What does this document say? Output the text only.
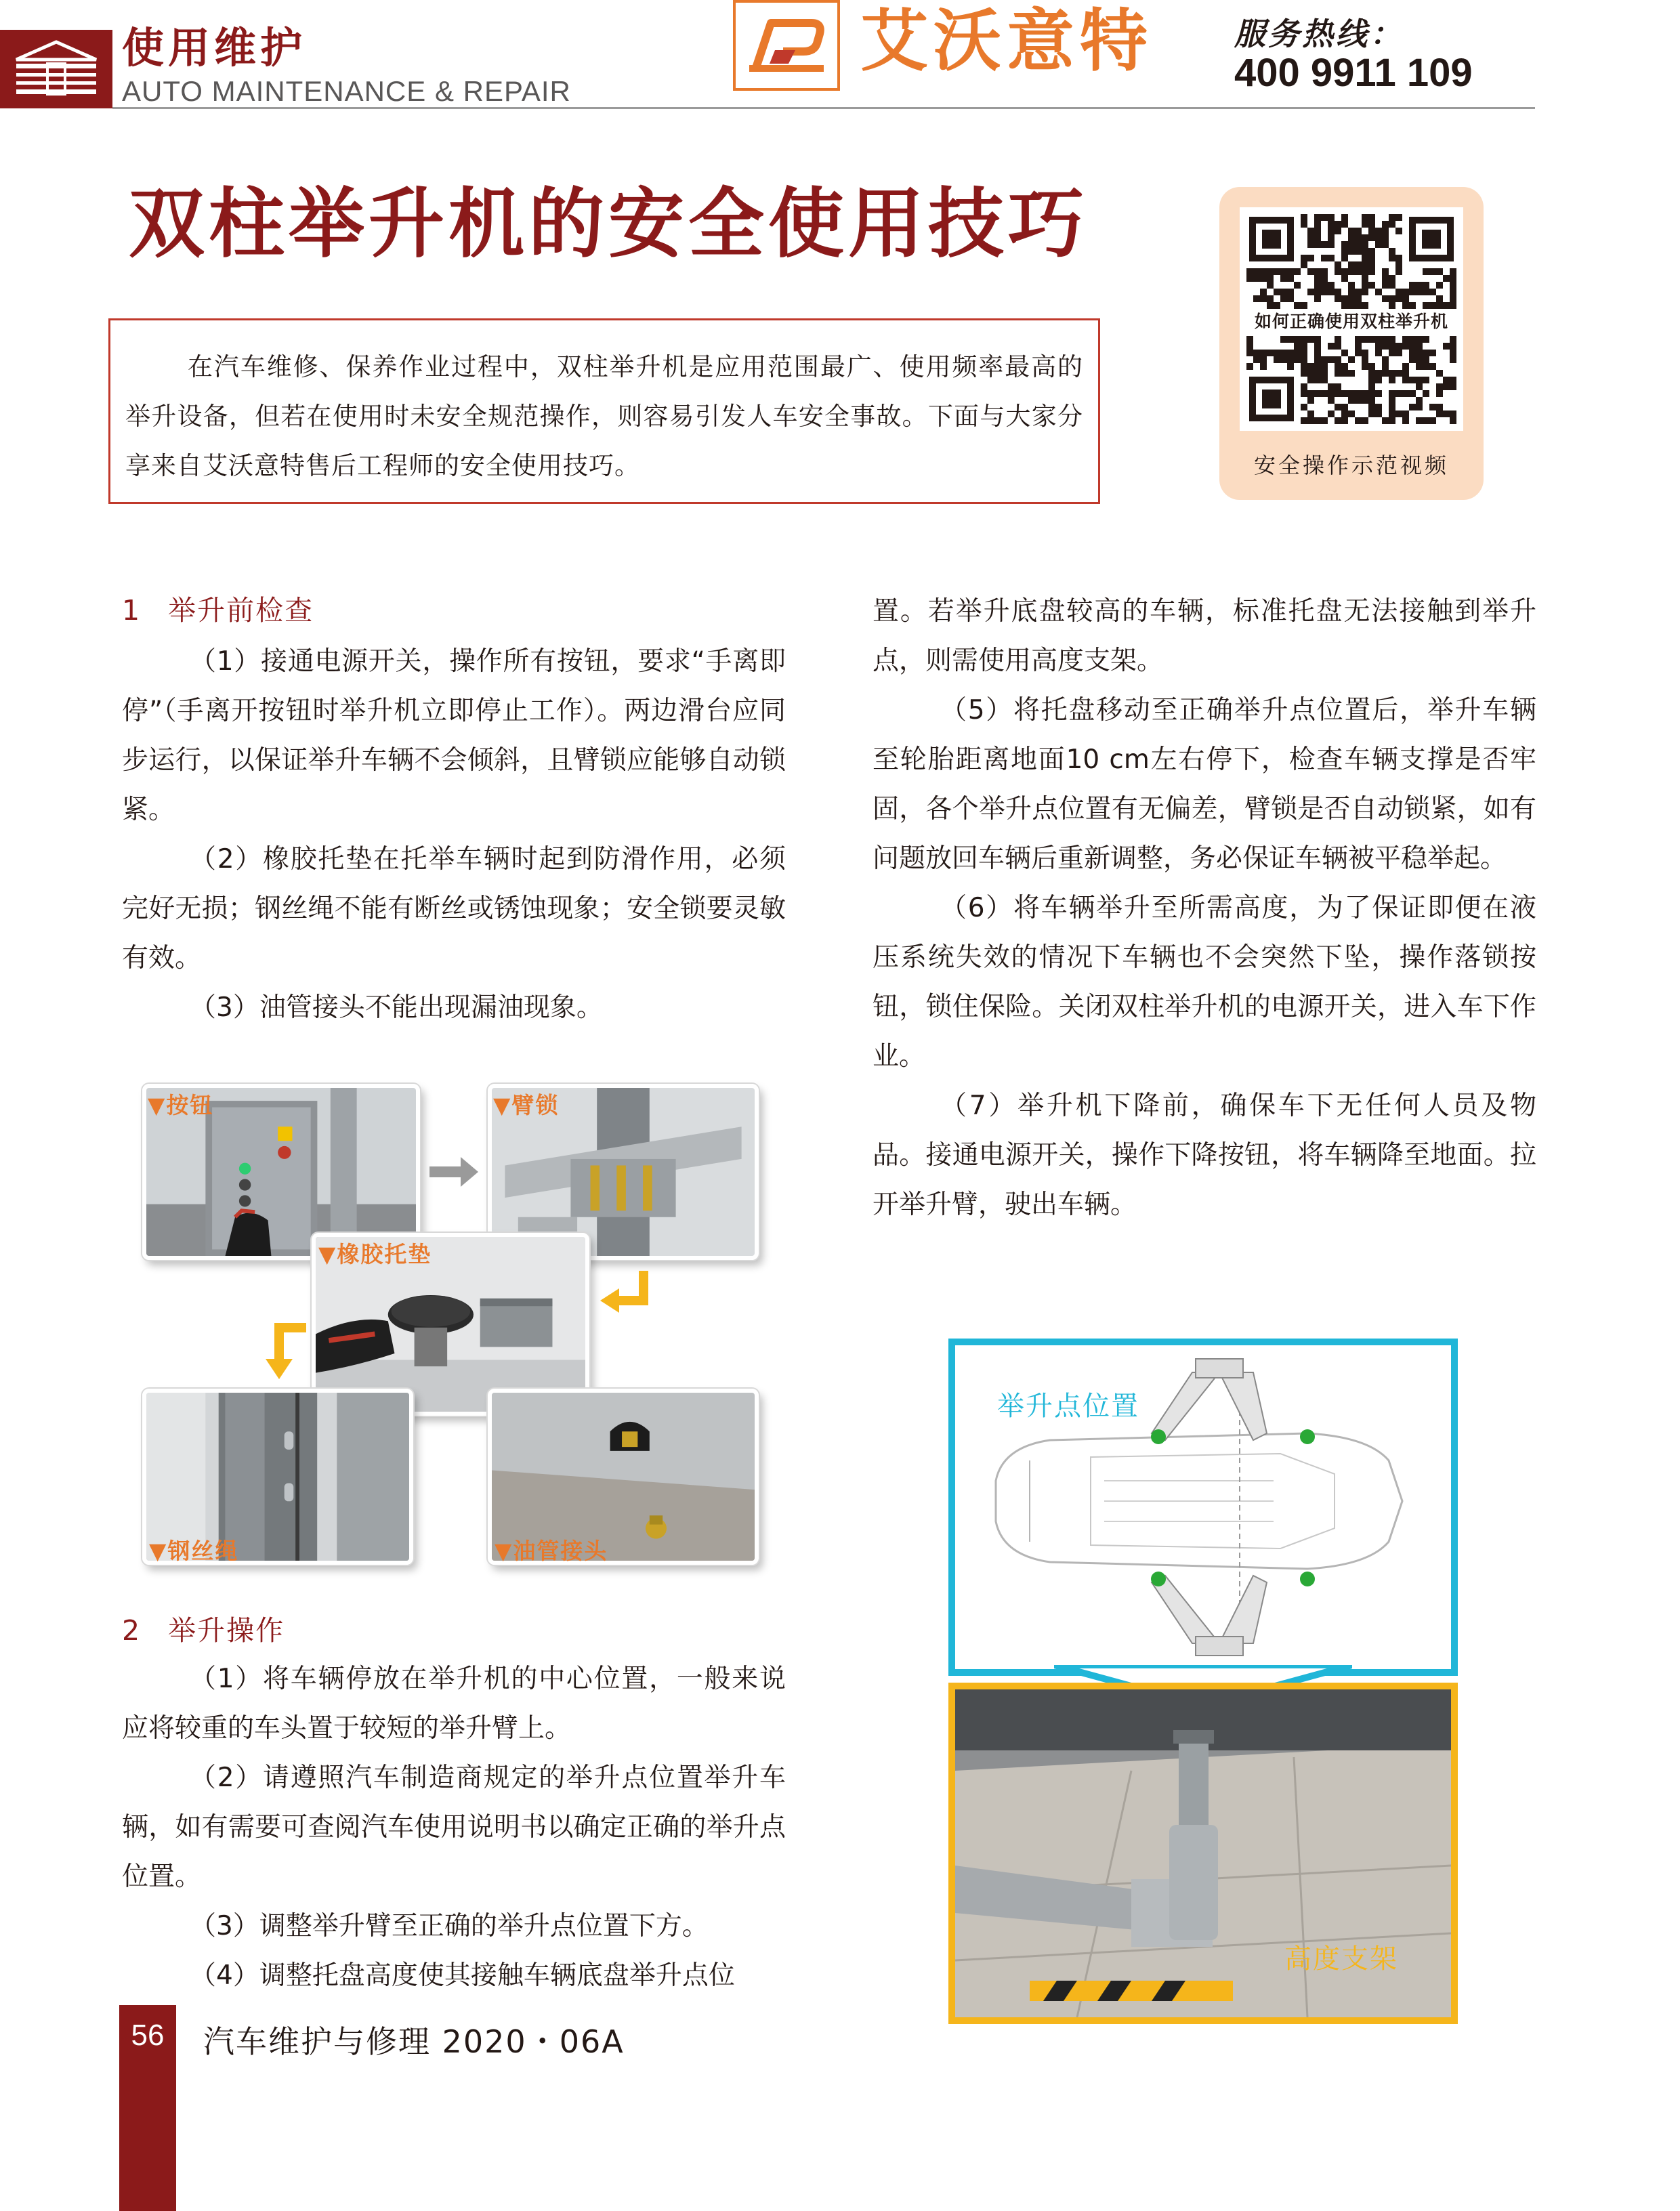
使用维护
AUTO MAINTENANCE & REPAIR
艾沃意特	服务热线：
400 9911 109
双柱举升机的安全使用技巧
在汽车维修、保养作业过程中，双柱举升机是应用范围最广、使用频率最高的举升设备，但若在使用时未安全规范操作，则容易引发人车安全事故。下面与大家分享来自艾沃意特售后工程师的安全使用技巧。
如何正确使用双柱举升机
安全操作示范视频
1 举升前检查

（1）接通电源开关，操作所有按钮，要求“手离即停”（手离开按钮时举升机立即停止工作）。两边滑台应同步运行，以保证举升车辆不会倾斜，且臂锁应能够自动锁紧。

（2）橡胶托垫在托举车辆时起到防滑作用，必须完好无损；钢丝绳不能有断丝或锈蚀现象；安全锁要灵敏有效。

（3）油管接头不能出现漏油现象。

▼按钮	▼臂锁
▼橡胶托垫
▼钢丝绳	▼油管接头
2 举升操作

（1）将车辆停放在举升机的中心位置，一般来说应将较重的车头置于较短的举升臂上。

（2）请遵照汽车制造商规定的举升点位置举升车辆，如有需要可查阅汽车使用说明书以确定正确的举升点位置。

（3）调整举升臂至正确的举升点位置下方。

（4）调整托盘高度使其接触车辆底盘举升点位

置。若举升底盘较高的车辆，标准托盘无法接触到举升点，则需使用高度支架。

（5）将托盘移动至正确举升点位置后，举升车辆至轮胎距离地面10 cm左右停下，检查车辆支撑是否牢固，各个举升点位置有无偏差，臂锁是否自动锁紧，如有问题放回车辆后重新调整，务必保证车辆被平稳举起。

（6）将车辆举升至所需高度，为了保证即便在液压系统失效的情况下车辆也不会突然下坠，操作落锁按钮，锁住保险。关闭双柱举升机的电源开关，进入车下作业。

（7）举升机下降前，确保车下无任何人员及物品。接通电源开关，操作下降按钮，将车辆降至地面。拉开举升臂，驶出车辆。

举升点位置
高度支架
56	汽车维护与修理 2020・06A
